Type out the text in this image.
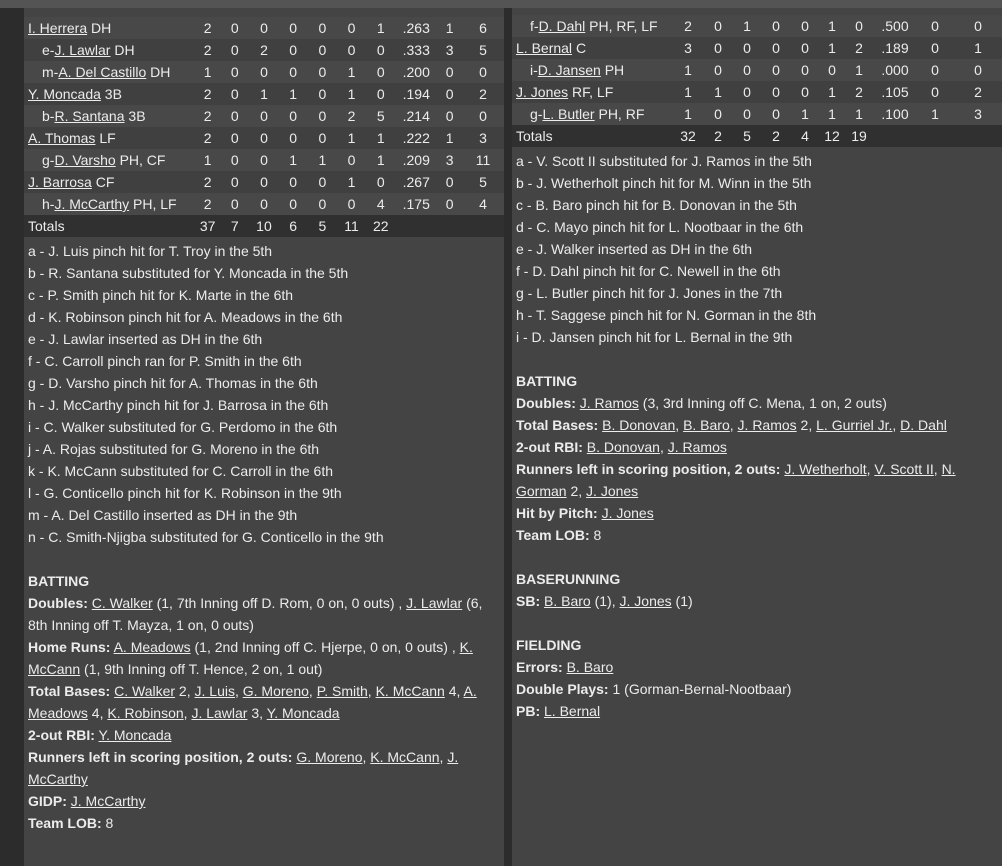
I. Herrera DH	2	0	0	0	0	0	1	.263	1	6
e-J. Lawlar DH	2	0	2	0	0	0	0	.333	3	5
m-A. Del Castillo DH	1	0	0	0	0	1	0	.200	0	0
Y. Moncada 3B	2	0	1	1	0	1	0	.194	0	2
b-R. Santana 3B	2	0	0	0	0	2	5	.214	0	0
A. Thomas LF	2	0	0	0	0	1	1	.222	1	3
g-D. Varsho PH, CF	1	0	0	1	1	0	1	.209	3	11
J. Barrosa CF	2	0	0	0	0	1	0	.267	0	5
h-J. McCarthy PH, LF	2	0	0	0	0	0	4	.175	0	4
Totals	37	7	10	6	5	11	22			
a - J. Luis pinch hit for T. Troy in the 5th
b - R. Santana substituted for Y. Moncada in the 5th
c - P. Smith pinch hit for K. Marte in the 6th
d - K. Robinson pinch hit for A. Meadows in the 6th
e - J. Lawlar inserted as DH in the 6th
f - C. Carroll pinch ran for P. Smith in the 6th
g - D. Varsho pinch hit for A. Thomas in the 6th
h - J. McCarthy pinch hit for J. Barrosa in the 6th
i - C. Walker substituted for G. Perdomo in the 6th
j - A. Rojas substituted for G. Moreno in the 6th
k - K. McCann substituted for C. Carroll in the 6th
l - G. Conticello pinch hit for K. Robinson in the 9th
m - A. Del Castillo inserted as DH in the 9th
n - C. Smith-Njigba substituted for G. Conticello in the 9th
BATTING
Doubles: C. Walker (1, 7th Inning off D. Rom, 0 on, 0 outs) , J. Lawlar (6, 8th Inning off T. Mayza, 1 on, 0 outs)
Home Runs: A. Meadows (1, 2nd Inning off C. Hjerpe, 0 on, 0 outs) , K. McCann (1, 9th Inning off T. Hence, 2 on, 1 out)
Total Bases: C. Walker 2, J. Luis, G. Moreno, P. Smith, K. McCann 4, A. Meadows 4, K. Robinson, J. Lawlar 3, Y. Moncada
2-out RBI: Y. Moncada
Runners left in scoring position, 2 outs: G. Moreno, K. McCann, J. McCarthy
GIDP: J. McCarthy
Team LOB: 8
f-D. Dahl PH, RF, LF	2	0	1	0	0	1	0	.500	0	0
L. Bernal C	3	0	0	0	0	1	2	.189	0	1
i-D. Jansen PH	1	0	0	0	0	0	1	.000	0	0
J. Jones RF, LF	1	1	0	0	0	1	2	.105	0	2
g-L. Butler PH, RF	1	0	0	0	1	1	1	.100	1	3
Totals	32	2	5	2	4	12	19			
a - V. Scott II substituted for J. Ramos in the 5th
b - J. Wetherholt pinch hit for M. Winn in the 5th
c - B. Baro pinch hit for B. Donovan in the 5th
d - C. Mayo pinch hit for L. Nootbaar in the 6th
e - J. Walker inserted as DH in the 6th
f - D. Dahl pinch hit for C. Newell in the 6th
g - L. Butler pinch hit for J. Jones in the 7th
h - T. Saggese pinch hit for N. Gorman in the 8th
i - D. Jansen pinch hit for L. Bernal in the 9th
BATTING
Doubles: J. Ramos (3, 3rd Inning off C. Mena, 1 on, 2 outs)
Total Bases: B. Donovan, B. Baro, J. Ramos 2, L. Gurriel Jr., D. Dahl
2-out RBI: B. Donovan, J. Ramos
Runners left in scoring position, 2 outs: J. Wetherholt, V. Scott II, N. Gorman 2, J. Jones
Hit by Pitch: J. Jones
Team LOB: 8
BASERUNNING
SB: B. Baro (1), J. Jones (1)
FIELDING
Errors: B. Baro
Double Plays: 1 (Gorman-Bernal-Nootbaar)
PB: L. Bernal
